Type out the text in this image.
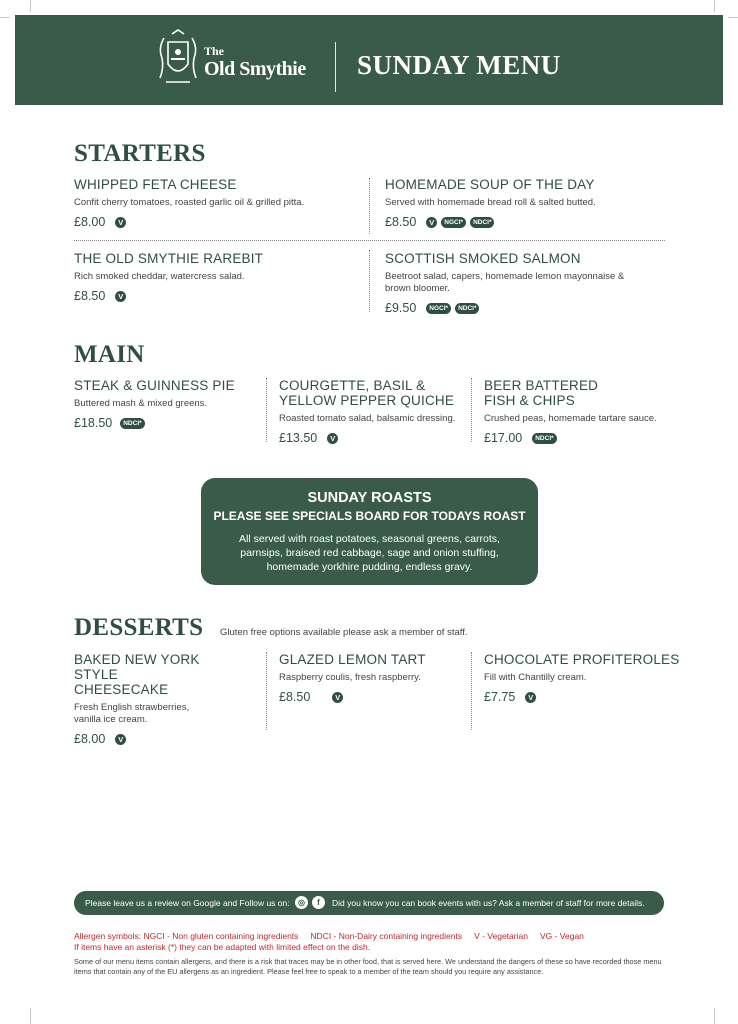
The
Old Smythie SUNDAY MENU
STARTERS
WHIPPED FETA CHEESE
Confit cherry tomatoes, roasted garlic oil & grilled pitta.
£8.00	V
HOMEMADE SOUP OF THE DAY
Served with homemade bread roll & salted butted.
£8.50	V	NGCI*	NDCI*
THE OLD SMYTHIE RAREBIT
Rich smoked cheddar, watercress salad.
£8.50	V
SCOTTISH SMOKED SALMON
Beetroot salad, capers, homemade lemon mayonnaise & brown bloomer.
£9.50	NGCI*	NDCI*
MAIN
STEAK & GUINNESS PIE
Buttered mash & mixed greens.
£18.50	NDCI*
COURGETTE, BASIL & YELLOW PEPPER QUICHE
Roasted tomato salad, balsamic dressing.
£13.50	V
BEER BATTERED FISH & CHIPS
Crushed peas, homemade tartare sauce.
£17.00	NDCI*
SUNDAY ROASTS
PLEASE SEE SPECIALS BOARD FOR TODAYS ROAST
All served with roast potatoes, seasonal greens, carrots, parnsips, braised red cabbage, sage and onion stuffing, homemade yorkhire pudding, endless gravy.
DESSERTS Gluten free options available please ask a member of staff.
BAKED NEW YORK STYLE CHEESECAKE
Fresh English strawberries, vanilla ice cream.
£8.00	V
GLAZED LEMON TART
Raspberry coulis, fresh raspberry.
£8.50	V
CHOCOLATE PROFITEROLES
Fill with Chantilly cream.
£7.75	V
Please leave us a review on Google and Follow us on:	◎	f	Did you know you can book events with us? Ask a member of staff for more details.
Allergen symbols: NGCI - Non gluten containing ingredients NDCI - Non-Dairy containing ingredients V - Vegetarian VG - Vegan
If items have an asterisk (*) they can be adapted with limited effect on the dish.
Some of our menu items contain allergens, and there is a risk that traces may be in other food, that is served here. We understand the dangers of these so have recorded those menu items that contain any of the EU allergens as an ingredient. Please feel free to speak to a member of the team should you require any assistance.
